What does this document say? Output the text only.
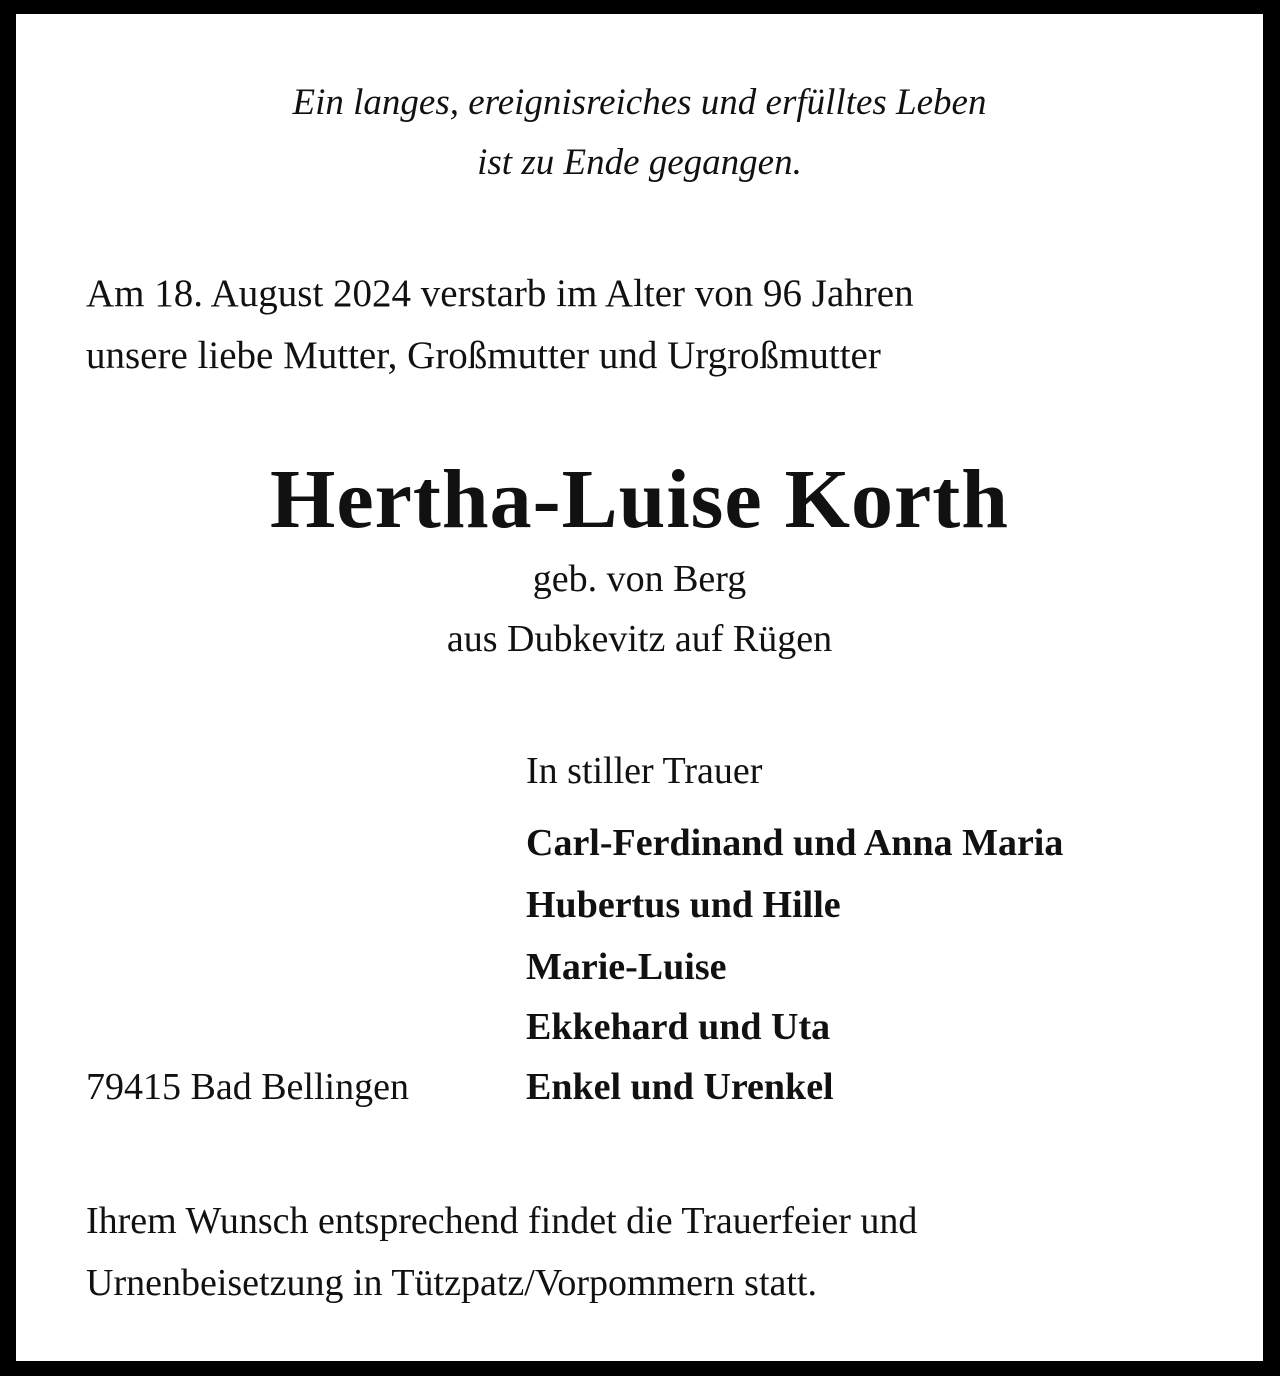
Ein langes, ereignisreiches und erfülltes Leben

ist zu Ende gegangen.

Am 18. August 2024 verstarb im Alter von 96 Jahren

unsere liebe Mutter, Großmutter und Urgroßmutter

Hertha-Luise Korth

geb. von Berg

aus Dubkevitz auf Rügen

In stiller Trauer

Carl-Ferdinand und Anna Maria

Hubertus und Hille

Marie-Luise

Ekkehard und Uta

Enkel und Urenkel

79415 Bad Bellingen

Ihrem Wunsch entsprechend findet die Trauerfeier und

Urnenbeisetzung in Tützpatz/Vorpommern statt.
